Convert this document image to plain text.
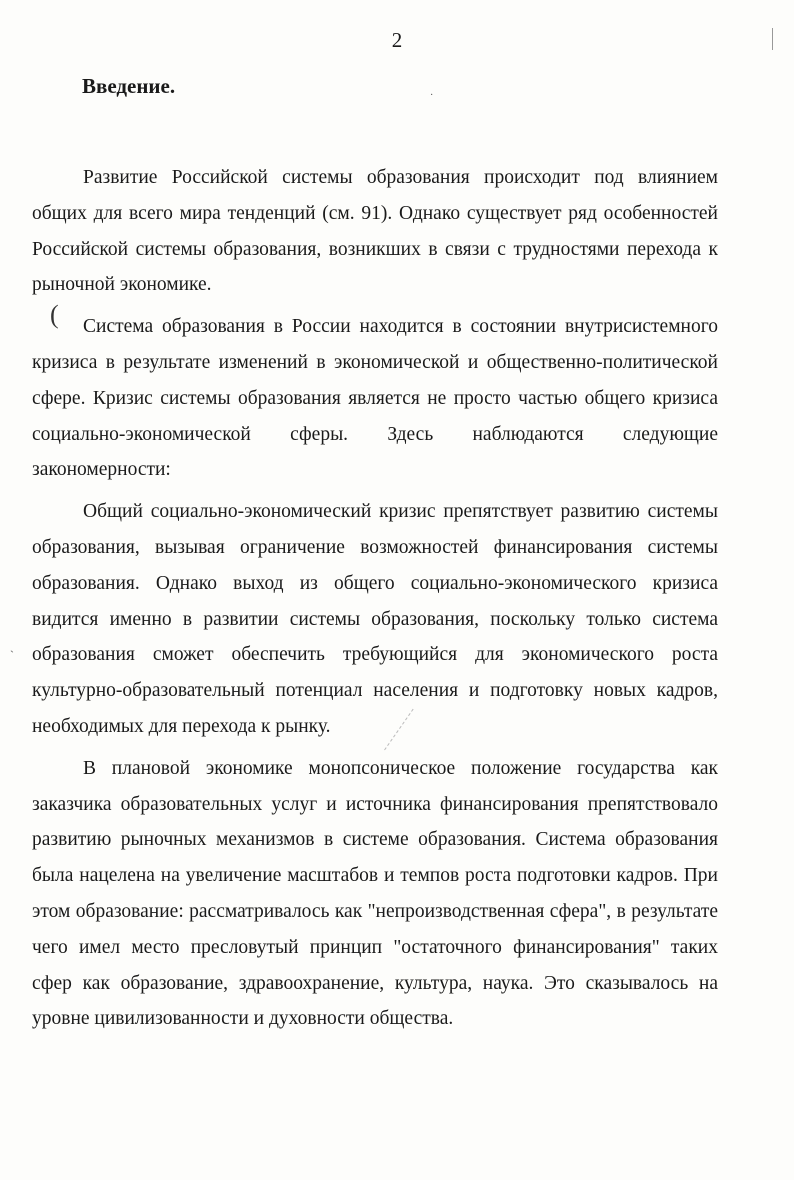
2
Введение.

Развитие Российской системы образования происходит под влиянием общих для всего мира тенденций (см. 91). Однако существует ряд особенностей Российской системы образования, возникших в связи с трудностями перехода к рыночной экономике.

Система образования в России находится в состоянии внутрисистемного кризиса в результате изменений в экономической и общественно-политической сфере. Кризис системы образования является не просто частью общего кризиса социально-экономической сферы. Здесь наблюдаются следующие закономерности:

Общий социально-экономический кризис препятствует развитию системы образования, вызывая ограничение возможностей финансирования системы образования. Однако выход из общего социально-экономического кризиса видится именно в развитии системы образования, поскольку только система образования сможет обеспечить требующийся для экономического роста культурно-образовательный потенциал населения и подготовку новых кадров, необходимых для перехода к рынку.

В плановой экономике монопсоническое положение государства как заказчика образовательных услуг и источника финансирования препятствовало развитию рыночных механизмов в системе образования. Система образования была нацелена на увеличение масштабов и темпов роста подготовки кадров. При этом образование: рассматривалось как "непроизводственная сфера", в результате чего имел место пресловутый принцип "остаточного финансирования" таких сфер как образование, здравоохранение, культура, наука. Это сказывалось на уровне цивилизованности и духовности общества.

·
(
`
